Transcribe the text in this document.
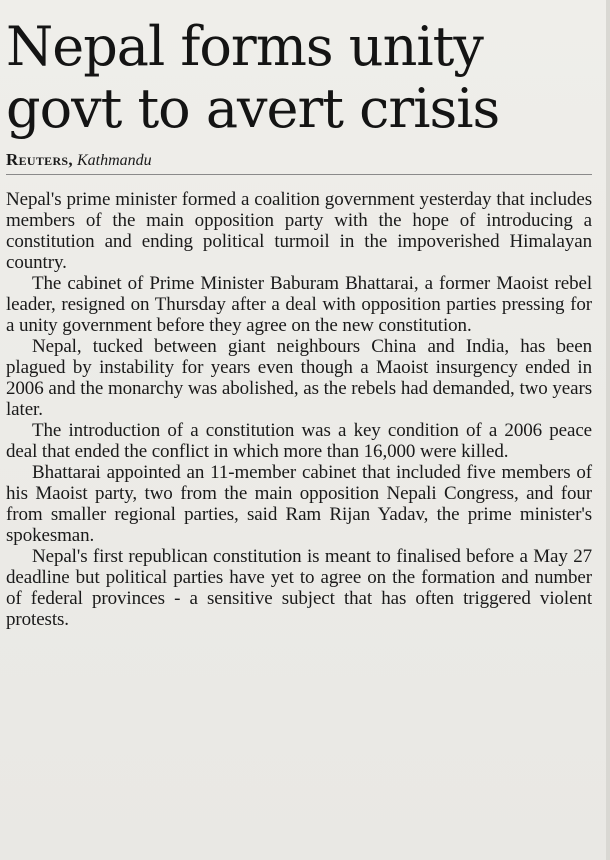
Nepal forms unity
govt to avert crisis
Reuters, Kathmandu

Nepal's prime minister formed a coalition government yesterday that includes members of the main opposition party with the hope of introducing a constitution and ending political turmoil in the impoverished Himalayan country.

The cabinet of Prime Minister Baburam Bhattarai, a former Maoist rebel leader, resigned on Thursday after a deal with opposition parties pressing for a unity government before they agree on the new constitution.

Nepal, tucked between giant neighbours China and India, has been plagued by instability for years even though a Maoist insurgency ended in 2006 and the monarchy was abolished, as the rebels had demanded, two years later.

The introduction of a constitution was a key condition of a 2006 peace deal that ended the conflict in which more than 16,000 were killed.

Bhattarai appointed an 11-member cabinet that included five members of his Maoist party, two from the main opposition Nepali Congress, and four from smaller regional parties, said Ram Rijan Yadav, the prime minister's spokesman.

Nepal's first republican constitution is meant to finalised before a May 27 deadline but political parties have yet to agree on the formation and number of federal provinces - a sensitive subject that has often triggered violent protests.
